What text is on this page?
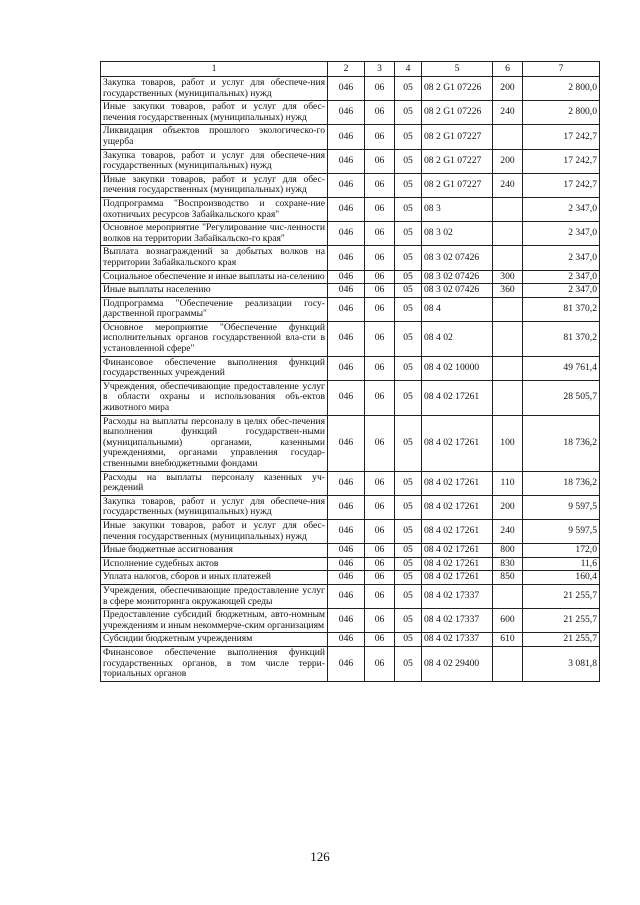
1	2	3	4	5	6	7
Закупка товаров, работ и услуг для обеспече-ния государственных (муниципальных) нужд	046	06	05	08 2 G1 07226	200	2 800,0
Иные закупки товаров, работ и услуг для обес-печения государственных (муниципальных) нужд	046	06	05	08 2 G1 07226	240	2 800,0
Ликвидация объектов прошлого экологическо-го ущерба	046	06	05	08 2 G1 07227		17 242,7
Закупка товаров, работ и услуг для обеспече-ния государственных (муниципальных) нужд	046	06	05	08 2 G1 07227	200	17 242,7
Иные закупки товаров, работ и услуг для обес-печения государственных (муниципальных) нужд	046	06	05	08 2 G1 07227	240	17 242,7
Подпрограмма "Воспроизводство и сохране-ние охотничьих ресурсов Забайкальского края"	046	06	05	08 3		2 347,0
Основное мероприятие "Регулирование чис-ленности волков на территории Забайкальско-го края"	046	06	05	08 3 02		2 347,0
Выплата вознаграждений за добытых волков на территории Забайкальского края	046	06	05	08 3 02 07426		2 347,0
Социальное обеспечение и иные выплаты на-селению	046	06	05	08 3 02 07426	300	2 347,0
Иные выплаты населению	046	06	05	08 3 02 07426	360	2 347,0
Подпрограмма "Обеспечение реализации госу-дарственной программы"	046	06	05	08 4		81 370,2
Основное мероприятие "Обеспечение функций исполнительных органов государственной вла-сти в установленной сфере"	046	06	05	08 4 02		81 370,2
Финансовое обеспечение выполнения функций государственных учреждений	046	06	05	08 4 02 10000		49 761,4
Учреждения, обеспечивающие предоставление услуг в области охраны и использования объ-ектов животного мира	046	06	05	08 4 02 17261		28 505,7
Расходы на выплаты персоналу в целях обес-печения выполнения функций государствен-ными (муниципальными) органами, казенными учреждениями, органами управления государ-ственными внебюджетными фондами	046	06	05	08 4 02 17261	100	18 736,2
Расходы на выплаты персоналу казенных уч-реждений	046	06	05	08 4 02 17261	110	18 736,2
Закупка товаров, работ и услуг для обеспече-ния государственных (муниципальных) нужд	046	06	05	08 4 02 17261	200	9 597,5
Иные закупки товаров, работ и услуг для обес-печения государственных (муниципальных) нужд	046	06	05	08 4 02 17261	240	9 597,5
Иные бюджетные ассигнования	046	06	05	08 4 02 17261	800	172,0
Исполнение судебных актов	046	06	05	08 4 02 17261	830	11,6
Уплата налогов, сборов и иных платежей	046	06	05	08 4 02 17261	850	160,4
Учреждения, обеспечивающие предоставление услуг в сфере мониторинга окружающей среды	046	06	05	08 4 02 17337		21 255,7
Предоставление субсидий бюджетным, авто-номным учреждениям и иным некоммерче-ским организациям	046	06	05	08 4 02 17337	600	21 255,7
Субсидии бюджетным учреждениям	046	06	05	08 4 02 17337	610	21 255,7
Финансовое обеспечение выполнения функций государственных органов, в том числе терри-ториальных органов	046	06	05	08 4 02 29400		3 081,8
126
